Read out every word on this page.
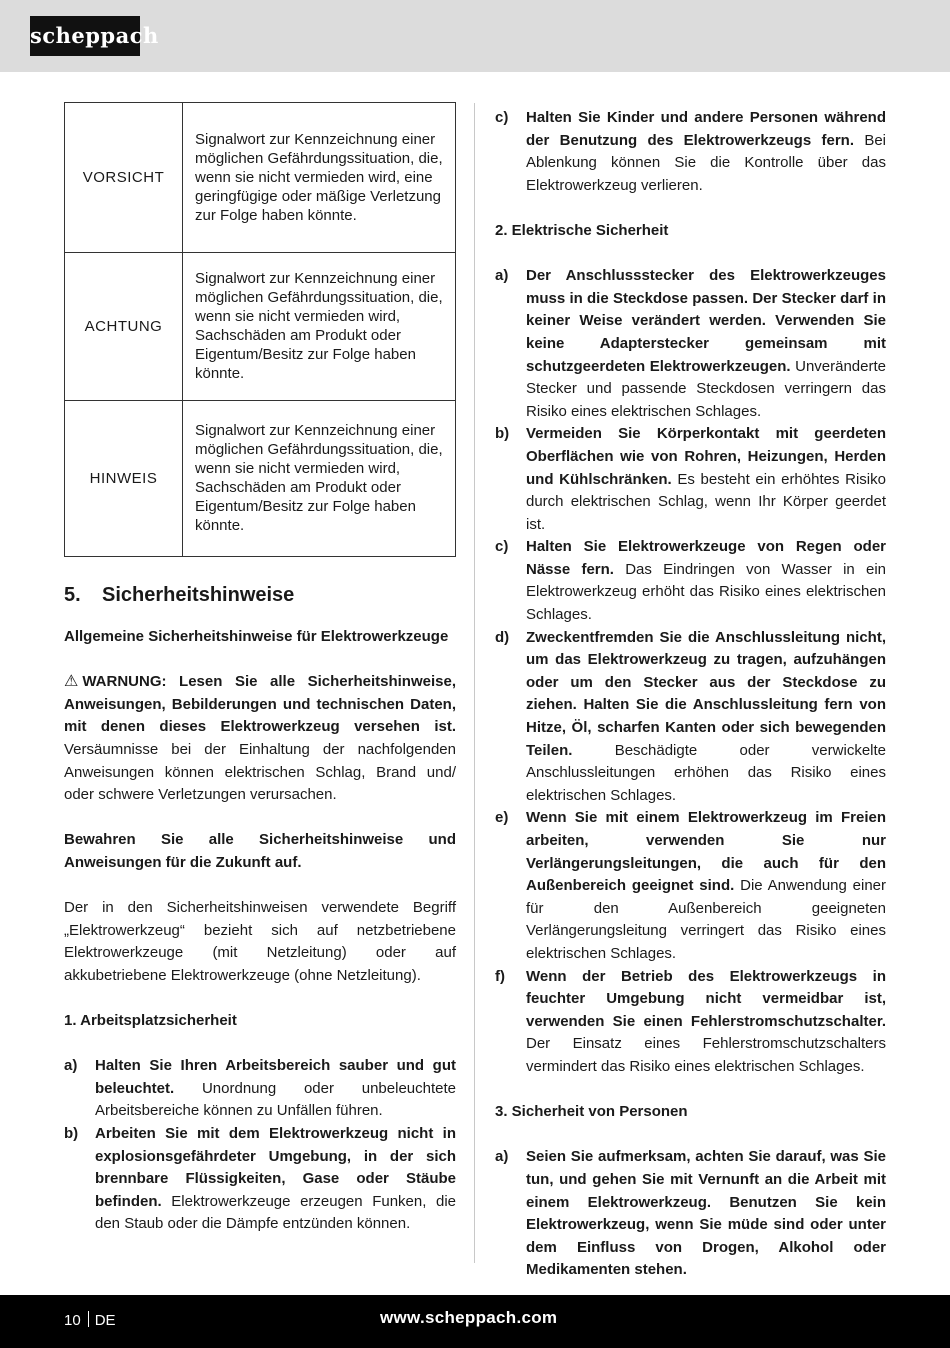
scheppach
VORSICHT	Signalwort zur Kennzeichnung einer möglichen Gefährdungssituation, die, wenn sie nicht vermieden wird, eine geringfügige oder mäßige Verletzung zur Folge haben könnte.
ACHTUNG	Signalwort zur Kennzeichnung einer möglichen Gefährdungssituation, die, wenn sie nicht vermieden wird, Sachschäden am Produkt oder Eigentum/Besitz zur Folge haben könnte.
HINWEIS	Signalwort zur Kennzeichnung einer möglichen Gefährdungssituation, die, wenn sie nicht vermieden wird, Sachschäden am Produkt oder Eigentum/Besitz zur Folge haben könnte.
5. Sicherheitshinweise

Allgemeine Sicherheitshinweise für Elektrowerkzeuge

⚠ WARNUNG: Lesen Sie alle Sicherheitshinweise, Anweisungen, Bebilderungen und technischen Daten, mit denen dieses Elektrowerkzeug versehen ist. Versäumnisse bei der Einhaltung der nachfolgenden Anweisungen können elektrischen Schlag, Brand und/ oder schwere Verletzungen verursachen.

Bewahren Sie alle Sicherheitshinweise und Anweisungen für die Zukunft auf.

Der in den Sicherheitshinweisen verwendete Begriff „Elektrowerkzeug“ bezieht sich auf netzbetriebene Elektrowerkzeuge (mit Netzleitung) oder auf akkubetriebene Elektrowerkzeuge (ohne Netzleitung).

1. Arbeitsplatzsicherheit

a)	Halten Sie Ihren Arbeitsbereich sauber und gut beleuchtet. Unordnung oder unbeleuchtete Arbeitsbereiche können zu Unfällen führen.
b)	Arbeiten Sie mit dem Elektrowerkzeug nicht in explosionsgefährdeter Umgebung, in der sich brennbare Flüssigkeiten, Gase oder Stäube befinden. Elektrowerkzeuge erzeugen Funken, die den Staub oder die Dämpfe entzünden können.
c)	Halten Sie Kinder und andere Personen während der Benutzung des Elektrowerkzeugs fern. Bei Ablenkung können Sie die Kontrolle über das Elektrowerkzeug verlieren.

2. Elektrische Sicherheit

a)	Der Anschlussstecker des Elektrowerkzeuges muss in die Steckdose passen. Der Stecker darf in keiner Weise verändert werden. Verwenden Sie keine Adapterstecker gemeinsam mit schutzgeerdeten Elektrowerkzeugen. Unveränderte Stecker und passende Steckdosen verringern das Risiko eines elektrischen Schlages.
b)	Vermeiden Sie Körperkontakt mit geerdeten Oberflächen wie von Rohren, Heizungen, Herden und Kühlschränken. Es besteht ein erhöhtes Risiko durch elektrischen Schlag, wenn Ihr Körper geerdet ist.
c)	Halten Sie Elektrowerkzeuge von Regen oder Nässe fern. Das Eindringen von Wasser in ein Elektrowerkzeug erhöht das Risiko eines elektrischen Schlages.
d)	Zweckentfremden Sie die Anschlussleitung nicht, um das Elektrowerkzeug zu tragen, aufzuhängen oder um den Stecker aus der Steckdose zu ziehen. Halten Sie die Anschlussleitung fern von Hitze, Öl, scharfen Kanten oder sich bewegenden Teilen.	Beschädigte oder verwickelte Anschlussleitungen erhöhen das Risiko eines elektrischen Schlages.
e)	Wenn Sie mit einem Elektrowerkzeug im Freien arbeiten, verwenden Sie nur Verlängerungsleitungen, die auch für den Außenbereich geeignet sind. Die Anwendung einer für den Außenbereich geeigneten Verlängerungsleitung verringert das Risiko eines elektrischen Schlages.
f)	Wenn der Betrieb des Elektrowerkzeugs in feuchter Umgebung nicht vermeidbar ist, verwenden Sie einen Fehlerstromschutzschalter. Der Einsatz eines Fehlerstromschutzschalters vermindert das Risiko eines elektrischen Schlages.

3. Sicherheit von Personen

a)	Seien Sie aufmerksam, achten Sie darauf, was Sie tun, und gehen Sie mit Vernunft an die Arbeit mit einem Elektrowerkzeug. Benutzen Sie kein Elektrowerkzeug, wenn Sie müde sind oder unter dem Einfluss von Drogen, Alkohol oder Medikamenten stehen.
10 DE	www.scheppach.com
